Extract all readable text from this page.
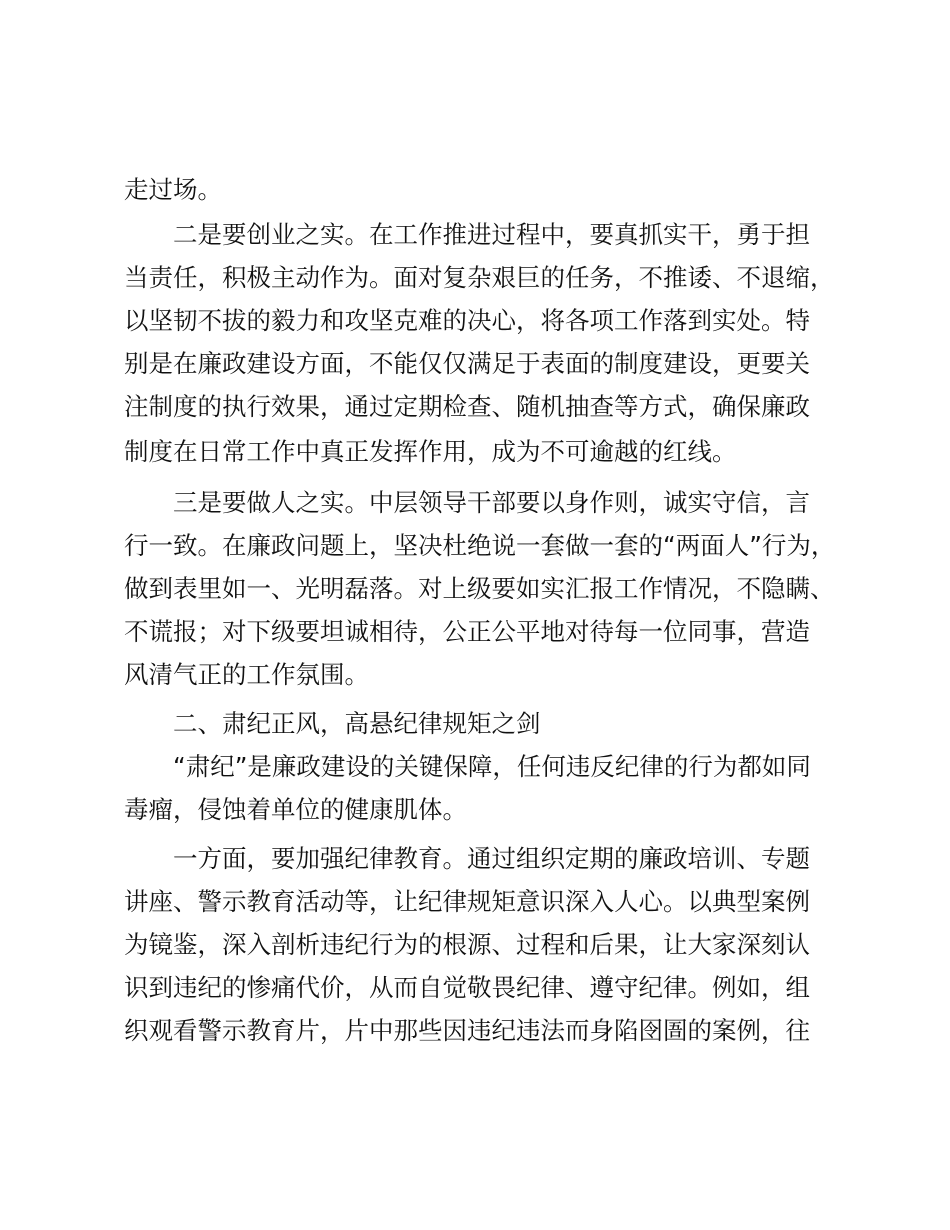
走过场。
二是要创业之实。在工作推进过程中，要真抓实干，勇于担
当责任，积极主动作为。面对复杂艰巨的任务，不推诿、不退缩，
以坚韧不拔的毅力和攻坚克难的决心，将各项工作落到实处。特
别是在廉政建设方面，不能仅仅满足于表面的制度建设，更要关
注制度的执行效果，通过定期检查、随机抽查等方式，确保廉政
制度在日常工作中真正发挥作用，成为不可逾越的红线。
三是要做人之实。中层领导干部要以身作则，诚实守信，言
行一致。在廉政问题上，坚决杜绝说一套做一套的“两面人”行为，
做到表里如一、光明磊落。对上级要如实汇报工作情况，不隐瞒、
不谎报；对下级要坦诚相待，公正公平地对待每一位同事，营造
风清气正的工作氛围。
二、肃纪正风，高悬纪律规矩之剑
“肃纪”是廉政建设的关键保障，任何违反纪律的行为都如同
毒瘤，侵蚀着单位的健康肌体。
一方面，要加强纪律教育。通过组织定期的廉政培训、专题
讲座、警示教育活动等，让纪律规矩意识深入人心。以典型案例
为镜鉴，深入剖析违纪行为的根源、过程和后果，让大家深刻认
识到违纪的惨痛代价，从而自觉敬畏纪律、遵守纪律。例如，组
织观看警示教育片，片中那些因违纪违法而身陷囹圄的案例，往
